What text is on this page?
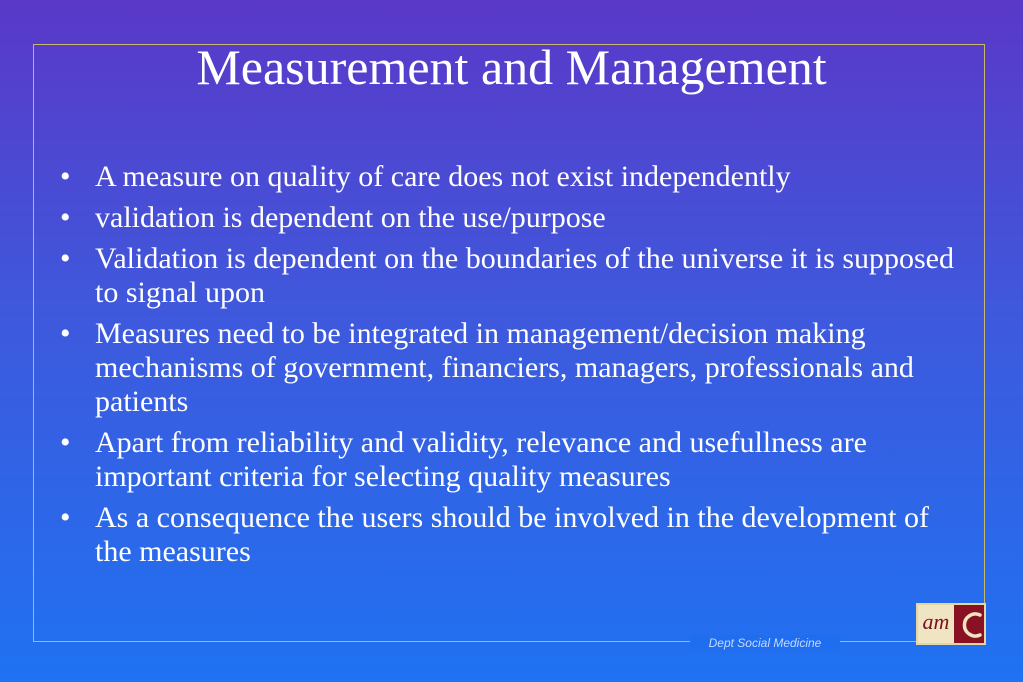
Measurement and Management
• A measure on quality of care does not exist independently
• validation is dependent on the use/purpose
• Validation is dependent on the boundaries of the universe it is supposed to signal upon
• Measures need to be integrated in management/decision making mechanisms of government, financiers, managers, professionals and patients
• Apart from reliability and validity, relevance and usefullness are important criteria for selecting quality measures
• As a consequence the users should be involved in the development of the measures
Dept Social Medicine
am
